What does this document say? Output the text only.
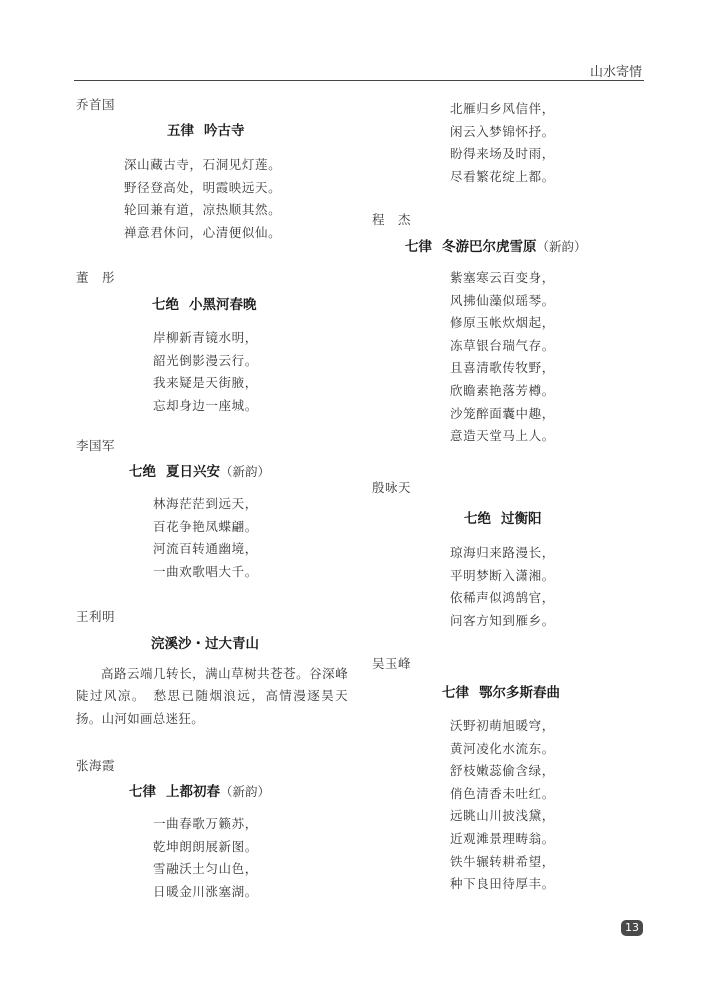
山水寄情
乔首国
五律 吟古寺
深山藏古寺，石洞见灯莲。
野径登高处，明霞映远天。
轮回兼有道，凉热顺其然。
禅意君休问，心清便似仙。
董　彤
七绝 小黑河春晚
岸柳新青镜水明，
韶光倒影漫云行。
我来疑是天街腋，
忘却身边一座城。
李国军
七绝 夏日兴安（新韵）
林海茫茫到远天，
百花争艳凤蝶翩。
河流百转通幽境，
一曲欢歌唱大千。
王利明
浣溪沙・过大青山
高路云端几转长，满山草树共苍苍。谷深峰陡过风凉。　愁思已随烟浪远，高情漫逐昊天扬。山河如画总迷狂。
张海霞
七律 上都初春（新韵）
一曲春歌万籁苏，
乾坤朗朗展新图。
雪融沃土匀山色，
日暖金川涨塞湖。
北雁归乡风信伴，
闲云入梦锦怀抒。
盼得来场及时雨，
尽看繁花绽上都。
程　杰
七律 冬游巴尔虎雪原（新韵）
紫塞寒云百变身，
风拂仙藻似瑶琴。
修原玉帐炊烟起，
冻草银台瑞气存。
且喜清歌传牧野，
欣瞻素艳落芳樽。
沙笼醉面囊中趣，
意造天堂马上人。
殷咏天
七绝 过衡阳
琼海归来路漫长，
平明梦断入潇湘。
依稀声似鸿鹄官，
问客方知到雁乡。
吴玉峰
七律 鄂尔多斯春曲
沃野初萌旭暖穹，
黄河凌化水流东。
舒枝嫩蕊偷含绿，
俏色清香未吐红。
远眺山川披浅黛，
近观滩景理畴翁。
铁牛辗转耕希望，
种下良田待厚丰。
13
